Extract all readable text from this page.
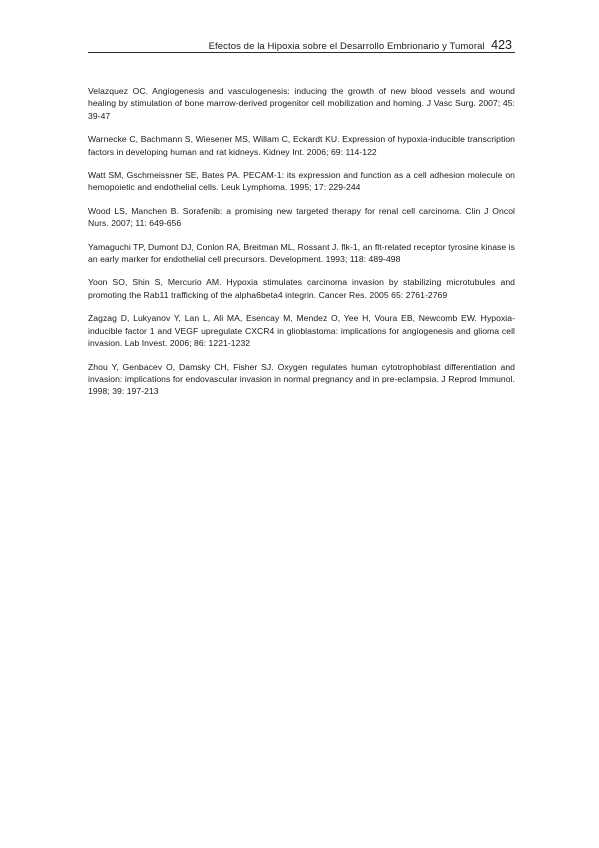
Efectos de la Hipoxia sobre el Desarrollo Embrionario y Tumoral 423
Velazquez OC. Angiogenesis and vasculogenesis: inducing the growth of new blood vessels and wound healing by stimulation of bone marrow-derived progenitor cell mobilization and homing. J Vasc Surg. 2007; 45: 39-47
Warnecke C, Bachmann S, Wiesener MS, Willam C, Eckardt KU. Expression of hypoxia-inducible transcription factors in developing human and rat kidneys. Kidney Int. 2006; 69: 114-122
Watt SM, Gschmeissner SE, Bates PA. PECAM-1: its expression and function as a cell adhesion molecule on hemopoietic and endothelial cells. Leuk Lymphoma. 1995; 17: 229-244
Wood LS, Manchen B. Sorafenib: a promising new targeted therapy for renal cell carcinoma. Clin J Oncol Nurs. 2007; 11: 649-656
Yamaguchi TP, Dumont DJ, Conlon RA, Breitman ML, Rossant J. flk-1, an flt-related receptor tyrosine kinase is an early marker for endothelial cell precursors. Development. 1993; 118: 489-498
Yoon SO, Shin S, Mercurio AM. Hypoxia stimulates carcinoma invasion by stabilizing microtubules and promoting the Rab11 trafficking of the alpha6beta4 integrin. Cancer Res. 2005 65: 2761-2769
Zagzag D, Lukyanov Y, Lan L, Ali MA, Esencay M, Mendez O, Yee H, Voura EB, Newcomb EW. Hypoxia-inducible factor 1 and VEGF upregulate CXCR4 in glioblastoma: implications for angiogenesis and glioma cell invasion. Lab Invest. 2006; 86: 1221-1232
Zhou Y, Genbacev O, Damsky CH, Fisher SJ. Oxygen regulates human cytotrophoblast differentiation and invasion: implications for endovascular invasion in normal pregnancy and in pre-eclampsia. J Reprod Immunol. 1998; 39: 197-213
